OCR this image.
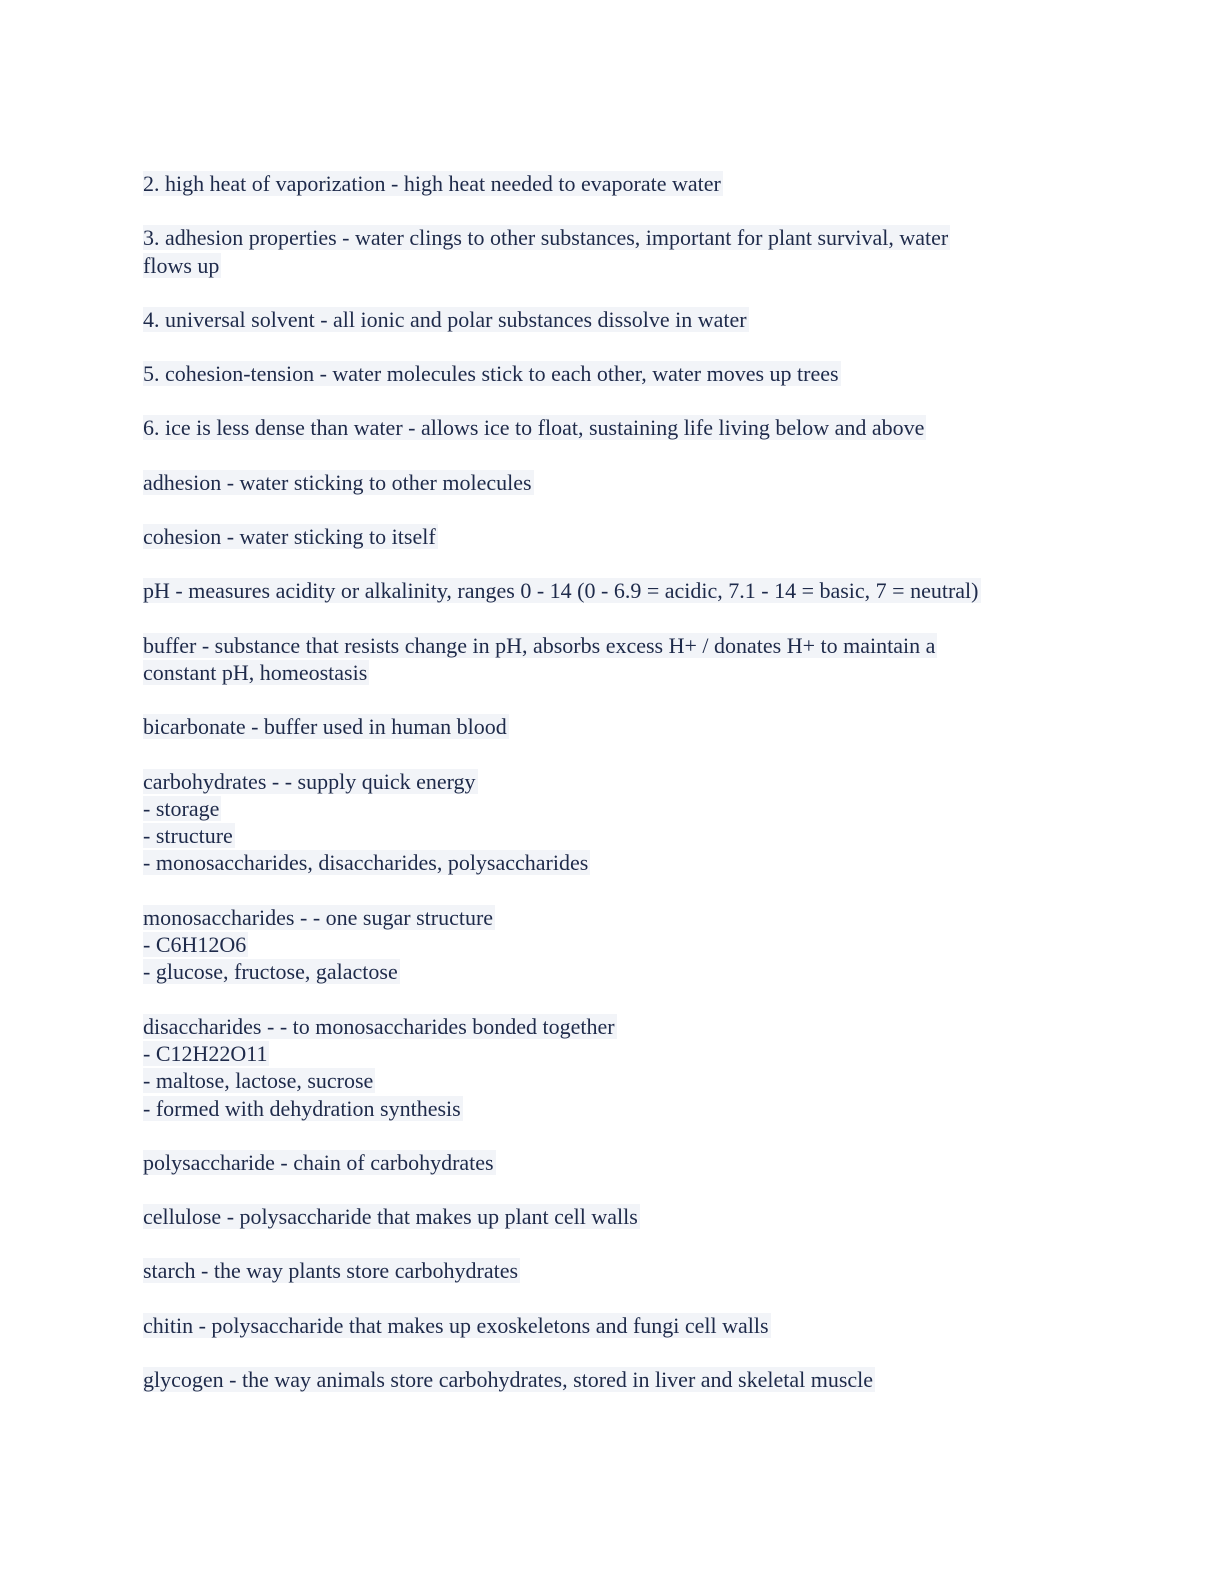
2. high heat of vaporization - high heat needed to evaporate water
3. adhesion properties - water clings to other substances, important for plant survival, water
flows up
4. universal solvent - all ionic and polar substances dissolve in water
5. cohesion-tension - water molecules stick to each other, water moves up trees
6. ice is less dense than water - allows ice to float, sustaining life living below and above
adhesion - water sticking to other molecules
cohesion - water sticking to itself
pH - measures acidity or alkalinity, ranges 0 - 14 (0 - 6.9 = acidic, 7.1 - 14 = basic, 7 = neutral)
buffer - substance that resists change in pH, absorbs excess H+ / donates H+ to maintain a
constant pH, homeostasis
bicarbonate - buffer used in human blood
carbohydrates - - supply quick energy
- storage
- structure
- monosaccharides, disaccharides, polysaccharides
monosaccharides - - one sugar structure
- C6H12O6
- glucose, fructose, galactose
disaccharides - - to monosaccharides bonded together
- C12H22O11
- maltose, lactose, sucrose
- formed with dehydration synthesis
polysaccharide - chain of carbohydrates
cellulose - polysaccharide that makes up plant cell walls
starch - the way plants store carbohydrates
chitin - polysaccharide that makes up exoskeletons and fungi cell walls
glycogen - the way animals store carbohydrates, stored in liver and skeletal muscle
